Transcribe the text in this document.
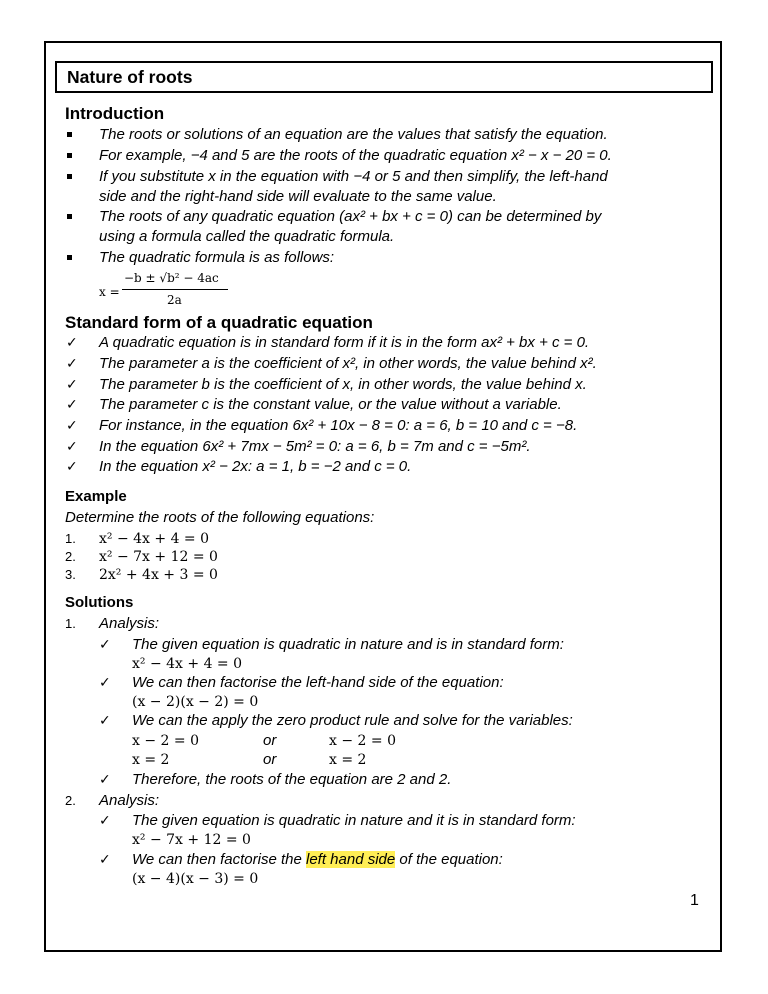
Nature of roots
Introduction
The roots or solutions of an equation are the values that satisfy the equation.
For example, −4 and 5 are the roots of the quadratic equation x² − x − 20 = 0.
If you substitute x in the equation with −4 or 5 and then simplify, the left-hand
side and the right-hand side will evaluate to the same value.
The roots of any quadratic equation (ax² + bx + c = 0) can be determined by
using a formula called the quadratic formula.
The quadratic formula is as follows:
x =
−b ± √b² − 4ac
2a
Standard form of a quadratic equation
✓ A quadratic equation is in standard form if it is in the form ax² + bx + c = 0.
✓ The parameter a is the coefficient of x², in other words, the value behind x².
✓ The parameter b is the coefficient of x, in other words, the value behind x.
✓ The parameter c is the constant value, or the value without a variable.
✓ For instance, in the equation 6x² + 10x − 8 = 0: a = 6, b = 10 and c = −8.
✓ In the equation 6x² + 7mx − 5m² = 0: a = 6, b = 7m and c = −5m².
✓ In the equation x² − 2x: a = 1, b = −2 and c = 0.
Example
Determine the roots of the following equations:
1. x² − 4x + 4 = 0
2. x² − 7x + 12 = 0
3. 2x² + 4x + 3 = 0
Solutions
1. Analysis:
✓ The given equation is quadratic in nature and is in standard form:
x² − 4x + 4 = 0
✓ We can then factorise the left-hand side of the equation:
(x − 2)(x − 2) = 0
✓ We can the apply the zero product rule and solve for the variables:
x − 2 = 0	or	x − 2 = 0
x = 2	or	x = 2
✓ Therefore, the roots of the equation are 2 and 2.
2. Analysis:
✓ The given equation is quadratic in nature and it is in standard form:
x² − 7x + 12 = 0
✓ We can then factorise the left hand side of the equation:
(x − 4)(x − 3) = 0
1
